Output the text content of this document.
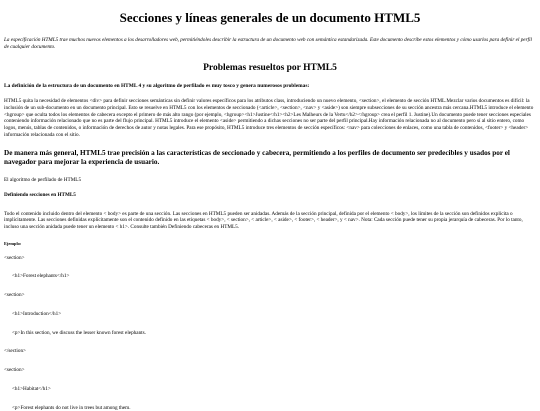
Secciones y líneas generales de un documento HTML5

La especificación HTML5 trae muchos nuevos elementos a los desarrolladores web, permitiéndoles describir la estructura de un documento web con semántica estandarizada. Este documento describe estos elementos y cómo usarlos para definir el perfil de cualquier documento.

Problemas resueltos por HTML5

La definición de la estructura de un documento en HTML 4 y su algoritmo de perfilado es muy tosco y genera numerosos problemas:

HTML5 quita la necesidad de elementos <div> para definir secciones semánticas sin definir valores específicos para los atributos class, introduciendo un nuevo elemento, <section>, el elemento de sección HTML.Mezclar varios documentos es difícil: la inclusión de un sub-documento en un documento principal. Esto se resuelve en HTML5 con los elementos de seccionado (<article>, <section>, <nav> y <aside>) son siempre subsecciones de su sección ancestra más cercana.HTML5 introduce el elemento <hgroup> que oculta todos los elementos de cabecera excepto el primero de más alto rango (por ejemplo, <hgroup><h1>Justine</h1><h2>Les Malheurs de la Vertu</h2></hgroup> crea el perfil 1. Justine).Un documento puede tener secciones especiales conteniendo información relacionado que no es parte del flujo principal. HTML5 introduce el elemento <aside> permitiendo a dichas secciones no ser parte del perfil principal.Hay información relacionada no al documento pero sí al sitio entero, como logos, menús, tablas de contenidos, o información de derechos de autor y notas legales. Para ese propósito, HTML5 introduce tres elementos de sección específicos: <nav> para colecciones de enlaces, como una tabla de contenidos, <footer> y <header> información relacionada con el sitio.

De manera más general, HTML5 trae precisión a las características de seccionado y cabecera, permitiendo a los perfiles de documento ser predecibles y usados por el navegador para mejorar la experiencia de usuario.

El algoritmo de perfilado de HTML5

Definiendo secciones en HTML5

Todo el contenido incluido dentro del elemento < body> es parte de una sección. Las secciones en HTML5 pueden ser anidadas. Además de la sección principal, definida por el elemento < body>, los límites de la sección son definidos explícita o implícitamente. Las secciones definidas explícitamente son el contenido definido en las etiquetas < body>, < section>, < article>, < aside>, < footer>, < header>, y < nav>. Nota: Cada sección puede tener su propia jerarquía de cabeceras. Por lo tanto, incluso una sección anidada puede tener un elemento < h1>. Consulte también Definiendo cabeceras en HTML5.

Ejemplo:

<section>

<h1>Forest elephants</h1>

<section>

<h1>Introduction</h1>

<p>In this section, we discuss the lesser known forest elephants.

</section>

<section>

<h1>Habitat</h1>

<p>Forest elephants do not live in trees but among them.
